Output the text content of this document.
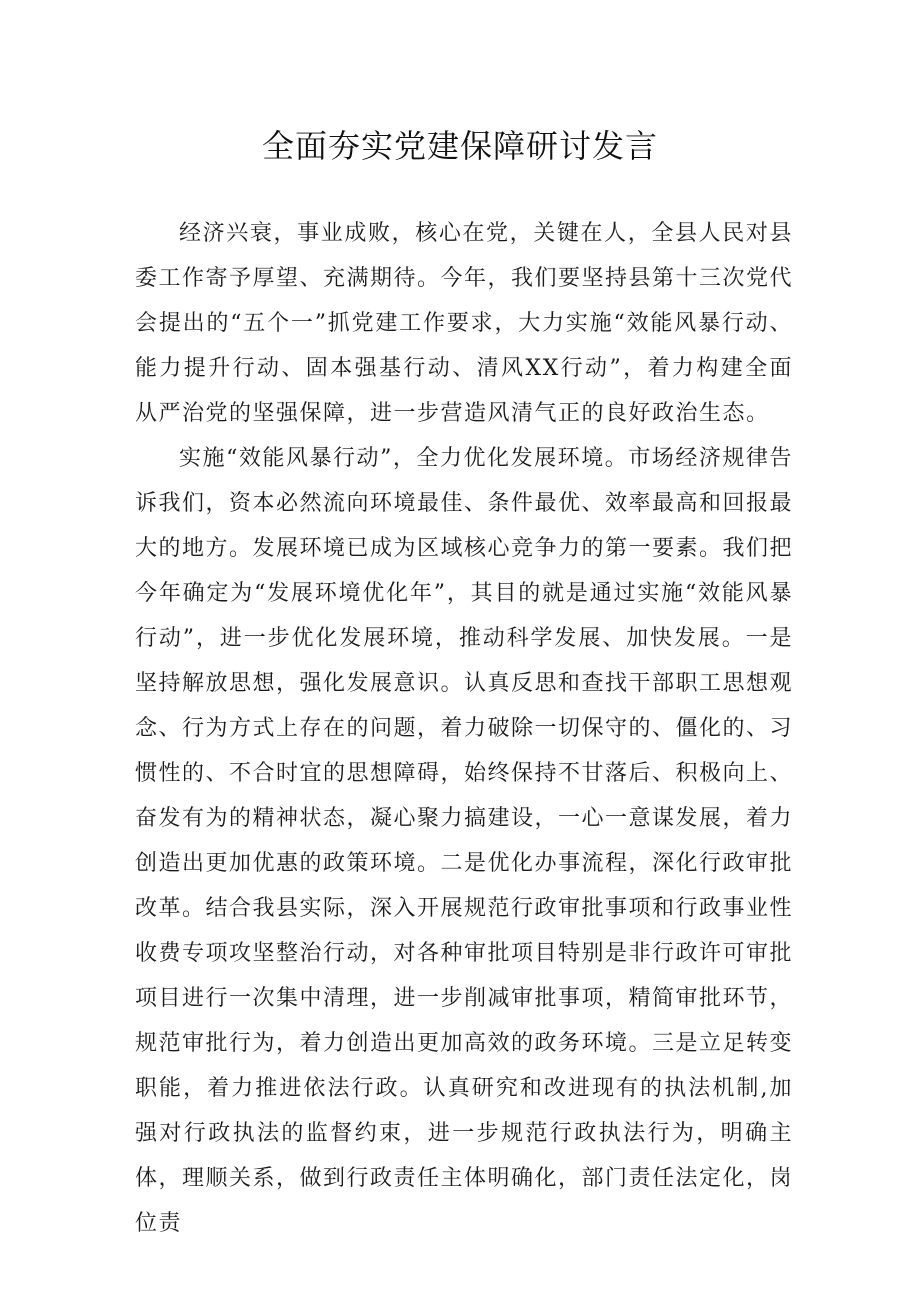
全面夯实党建保障研讨发言

经济兴衰，事业成败，核心在党，关键在人，全县人民对县委工作寄予厚望、充满期待。今年，我们要坚持县第十三次党代会提出的“五个一”抓党建工作要求，大力实施“效能风暴行动、能力提升行动、固本强基行动、清风XX行动”，着力构建全面从严治党的坚强保障，进一步营造风清气正的良好政治生态。

实施“效能风暴行动”，全力优化发展环境。市场经济规律告诉我们，资本必然流向环境最佳、条件最优、效率最高和回报最大的地方。发展环境已成为区域核心竞争力的第一要素。我们把今年确定为“发展环境优化年”，其目的就是通过实施“效能风暴行动”，进一步优化发展环境，推动科学发展、加快发展。一是坚持解放思想，强化发展意识。认真反思和查找干部职工思想观念、行为方式上存在的问题，着力破除一切保守的、僵化的、习惯性的、不合时宜的思想障碍，始终保持不甘落后、积极向上、奋发有为的精神状态，凝心聚力搞建设，一心一意谋发展，着力创造出更加优惠的政策环境。二是优化办事流程，深化行政审批改革。结合我县实际，深入开展规范行政审批事项和行政事业性收费专项攻坚整治行动，对各种审批项目特别是非行政许可审批项目进行一次集中清理，进一步削减审批事项，精简审批环节，规范审批行为，着力创造出更加高效的政务环境。三是立足转变职能，着力推进依法行政。认真研究和改进现有的执法机制,加强对行政执法的监督约束，进一步规范行政执法行为，明确主体，理顺关系，做到行政责任主体明确化，部门责任法定化，岗位责
